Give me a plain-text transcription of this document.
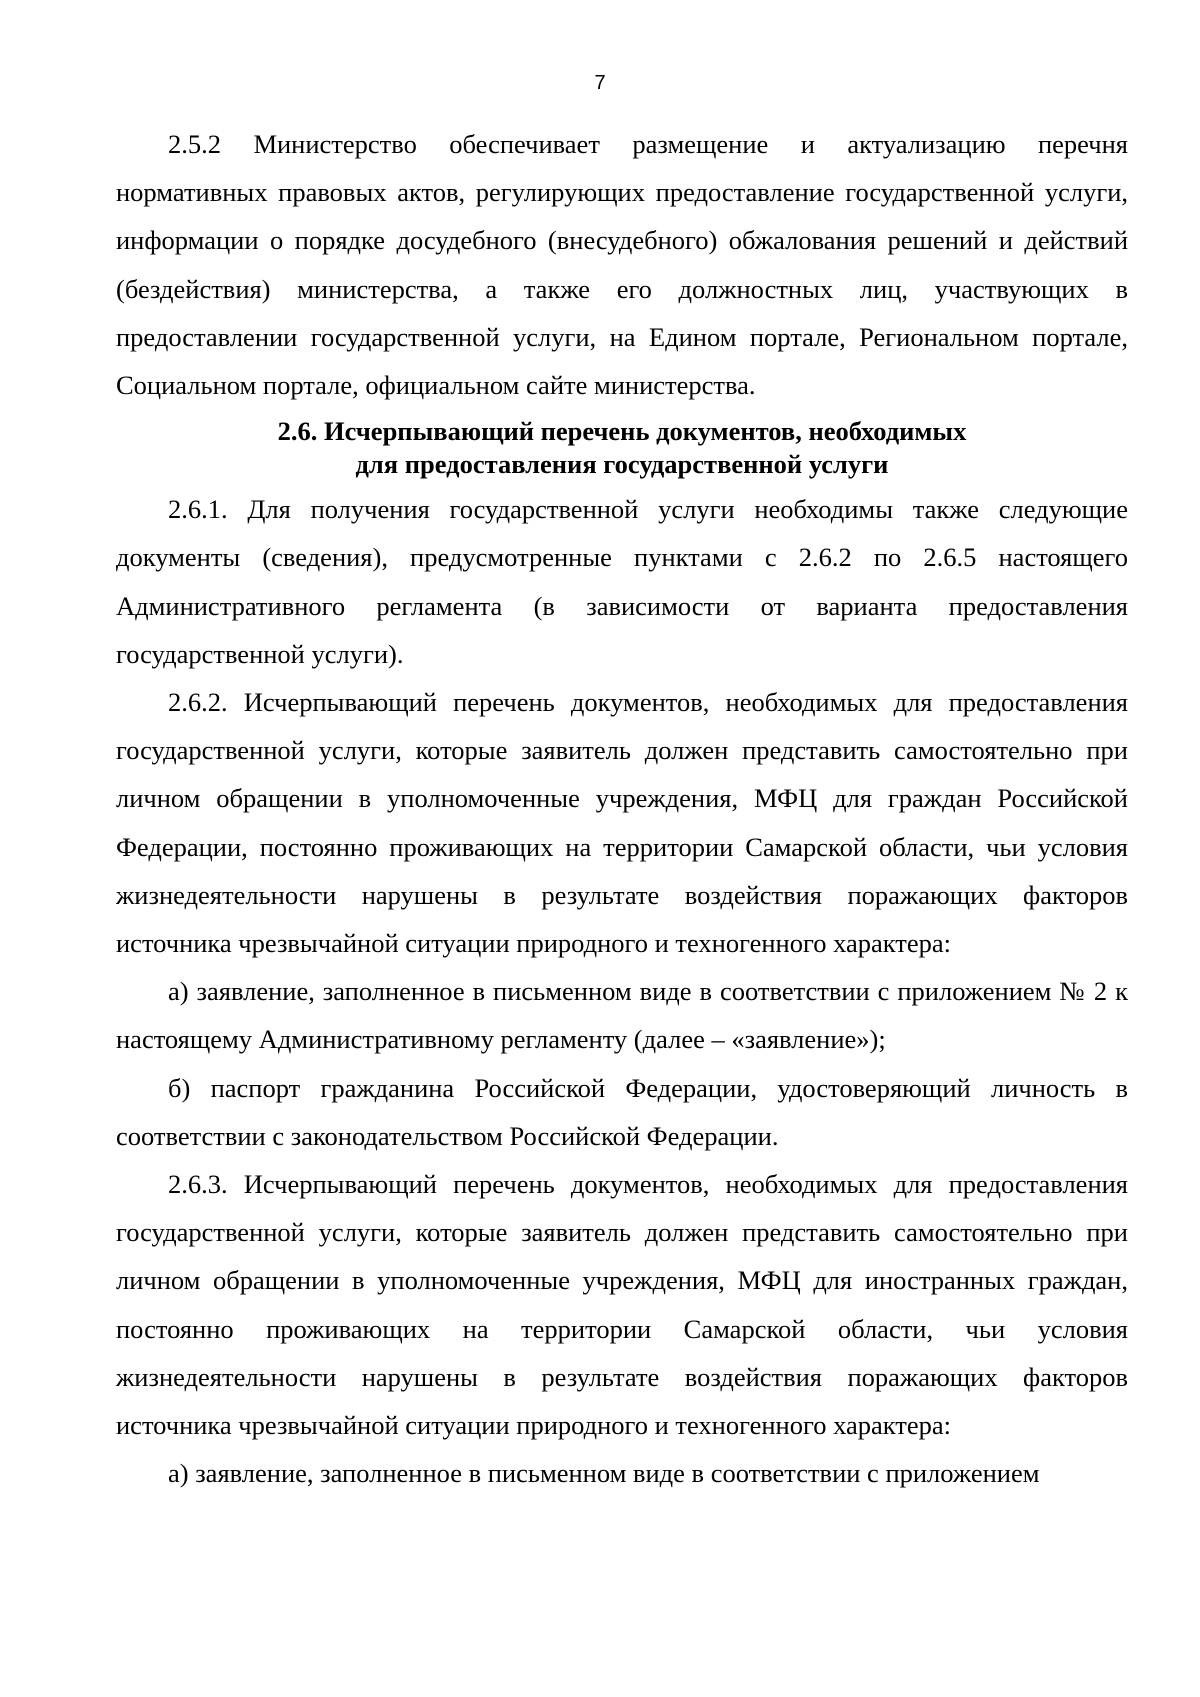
7

2.5.2 Министерство обеспечивает размещение и актуализацию перечня нормативных правовых актов, регулирующих предоставление государственной услуги, информации о порядке досудебного (внесудебного) обжалования решений и действий (бездействия) министерства, а также его должностных лиц, участвующих в предоставлении государственной услуги, на Едином портале, Региональном портале, Социальном портале, официальном сайте министерства.

2.6. Исчерпывающий перечень документов, необходимых
для предоставления государственной услуги

2.6.1. Для получения государственной услуги необходимы также следующие документы (сведения), предусмотренные пунктами с 2.6.2 по 2.6.5 настоящего Административного регламента (в зависимости от варианта предоставления государственной услуги).

2.6.2. Исчерпывающий перечень документов, необходимых для предоставления государственной услуги, которые заявитель должен представить самостоятельно при личном обращении в уполномоченные учреждения, МФЦ для граждан Российской Федерации, постоянно проживающих на территории Самарской области, чьи условия жизнедеятельности нарушены в результате воздействия поражающих факторов источника чрезвычайной ситуации природного и техногенного характера:

а) заявление, заполненное в письменном виде в соответствии с приложением № 2 к настоящему Административному регламенту (далее – «заявление»);

б) паспорт гражданина Российской Федерации, удостоверяющий личность в соответствии с законодательством Российской Федерации.

2.6.3. Исчерпывающий перечень документов, необходимых для предоставления государственной услуги, которые заявитель должен представить самостоятельно при личном обращении в уполномоченные учреждения, МФЦ для иностранных граждан, постоянно проживающих на территории Самарской области, чьи условия жизнедеятельности нарушены в результате воздействия поражающих факторов источника чрезвычайной ситуации природного и техногенного характера:

а) заявление, заполненное в письменном виде в соответствии с приложением
